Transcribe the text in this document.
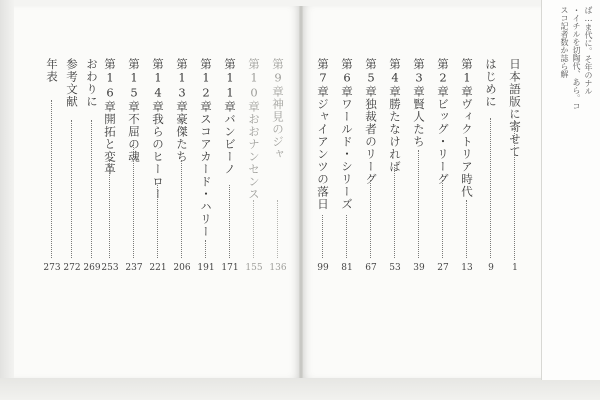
日本語版に寄せて
1
はじめに
9
第1章ヴィクトリア時代
13
第2章ビッグ・リーグ
27
第3章賢人たち
39
第4章勝たなければ
53
第5章独裁者のリーグ
67
第6章ワールド・シリーズ
81
第7章ジャイアンツの落日
99
第9章神見のジャ
136
第10章おおナンセンス
155
第11章バンビーノ
171
第12章スコアカード・ハリー
191
第13章豪傑たち
206
第14章我らのヒーロー
221
第15章不屈の魂
237
第16章開拓と変革
253
おわりに
269
参考文献
272
年表
273
ば…ま代に。そ年のナル
・イチルを切陶代、あら。コ
スコ記者数か誌ら解
